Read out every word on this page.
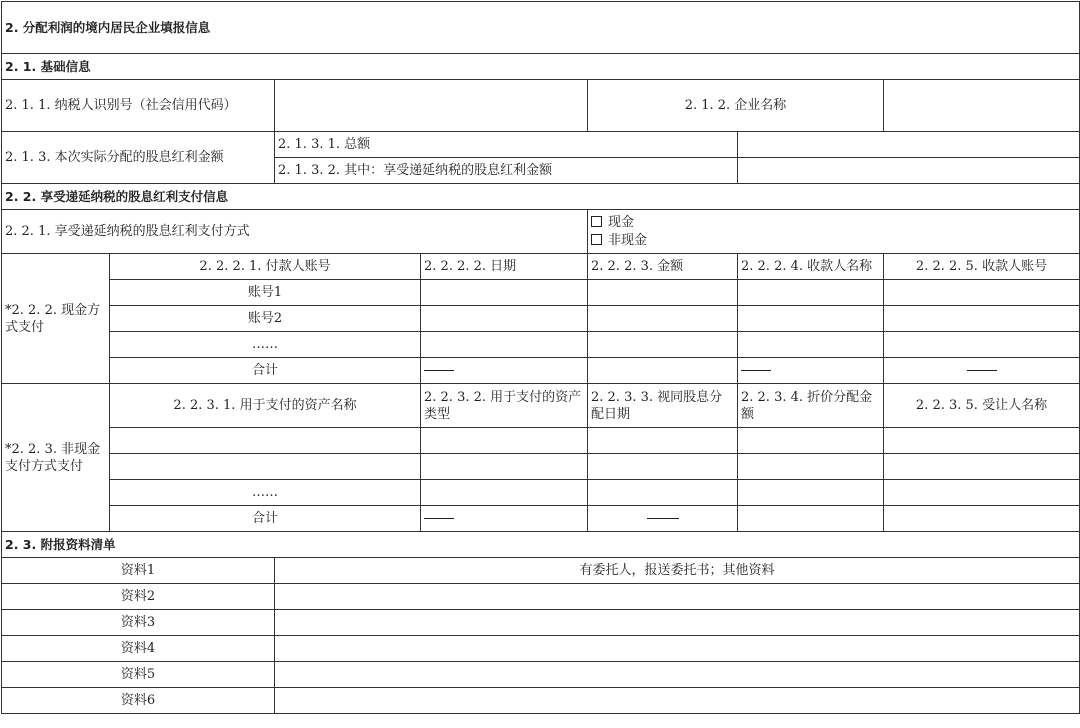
2. 分配利润的境内居民企业填报信息						
2. 1. 基础信息						
2. 1. 1. 纳税人识别号（社会信用代码）				2. 1. 2. 企业名称		
2. 1. 3. 本次实际分配的股息红利金额		2. 1. 3. 1. 总额				
		2. 1. 3. 2. 其中：享受递延纳税的股息红利金额				
2. 2. 享受递延纳税的股息红利支付信息						
2. 2. 1. 享受递延纳税的股息红利支付方式				现金
非现金		

*2. 2. 2. 现金方式支付	2. 2. 2. 1. 付款人账号		2. 2. 2. 2. 日期	2. 2. 2. 3. 金额	2. 2. 2. 4. 收款人名称	2. 2. 2. 5. 收款人账号
	账号1					
	账号2					
	……					
	合计					
*2. 2. 3. 非现金支付方式支付	2. 2. 3. 1. 用于支付的资产名称		2. 2. 3. 2. 用于支付的资产类型	2. 2. 3. 3. 视同股息分配日期	2. 2. 3. 4. 折价分配金额	2. 2. 3. 5. 受让人名称

	……					
	合计					

2. 3. 附报资料清单						
资料1		有委托人，报送委托书；其他资料				
资料2						
资料3						
资料4						
资料5						
资料6						
